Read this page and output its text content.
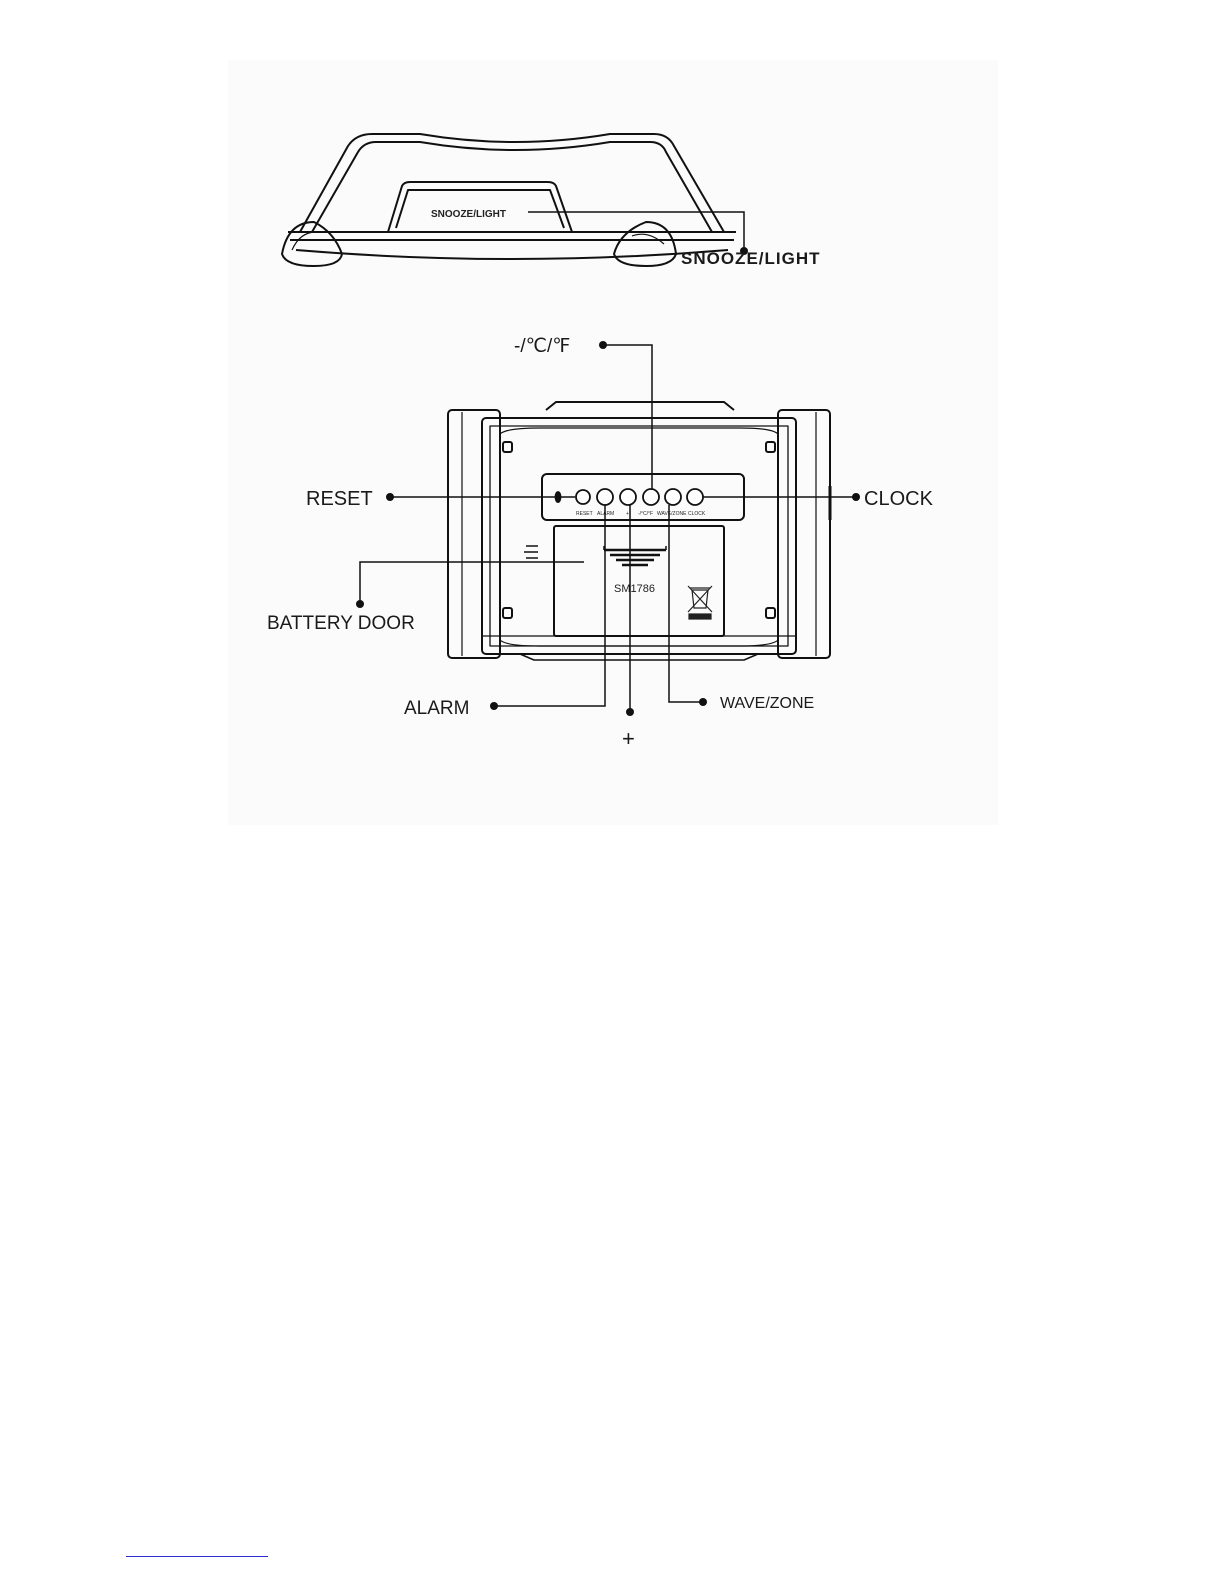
SNOOZE/LIGHT
SNOOZE/LIGHT
RESET ALARM + -/°C/°F WAVE/ZONE CLOCK
SM1786
-/℃/℉
RESET	CLOCK
BATTERY DOOR
ALARM
+
WAVE/ZONE
